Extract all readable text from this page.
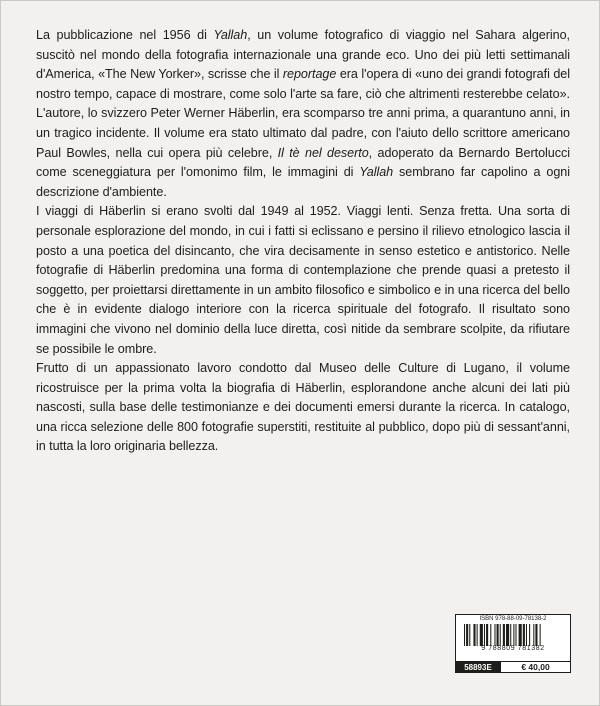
La pubblicazione nel 1956 di Yallah, un volume fotografico di viaggio nel Sahara algerino, suscitò nel mondo della fotografia internazionale una grande eco. Uno dei più letti settimanali d'America, «The New Yorker», scrisse che il reportage era l'opera di «uno dei grandi fotografi del nostro tempo, capace di mostrare, come solo l'arte sa fare, ciò che altrimenti resterebbe celato». L'autore, lo svizzero Peter Werner Häberlin, era scomparso tre anni prima, a quarantuno anni, in un tragico incidente. Il volume era stato ultimato dal padre, con l'aiuto dello scrittore americano Paul Bowles, nella cui opera più celebre, Il tè nel deserto, adoperato da Bernardo Bertolucci come sceneggiatura per l'omonimo film, le immagini di Yallah sembrano far capolino a ogni descrizione d'ambiente.

I viaggi di Häberlin si erano svolti dal 1949 al 1952. Viaggi lenti. Senza fretta. Una sorta di personale esplorazione del mondo, in cui i fatti si eclissano e persino il rilievo etnologico lascia il posto a una poetica del disincanto, che vira decisamente in senso estetico e antistorico. Nelle fotografie di Häberlin predomina una forma di contemplazione che prende quasi a pretesto il soggetto, per proiettarsi direttamente in un ambito filosofico e simbolico e in una ricerca del bello che è in evidente dialogo interiore con la ricerca spirituale del fotografo. Il risultato sono immagini che vivono nel dominio della luce diretta, così nitide da sembrare scolpite, da rifiutare se possibile le ombre.

Frutto di un appassionato lavoro condotto dal Museo delle Culture di Lugano, il volume ricostruisce per la prima volta la biografia di Häberlin, esplorandone anche alcuni dei lati più nascosti, sulla base delle testimonianze e dei documenti emersi durante la ricerca. In catalogo, una ricca selezione delle 800 fotografie superstiti, restituite al pubblico, dopo più di sessant'anni, in tutta la loro originaria bellezza.

ISBN 978-88-09-78138-2
9 788809 781382
58893E	€ 40,00
